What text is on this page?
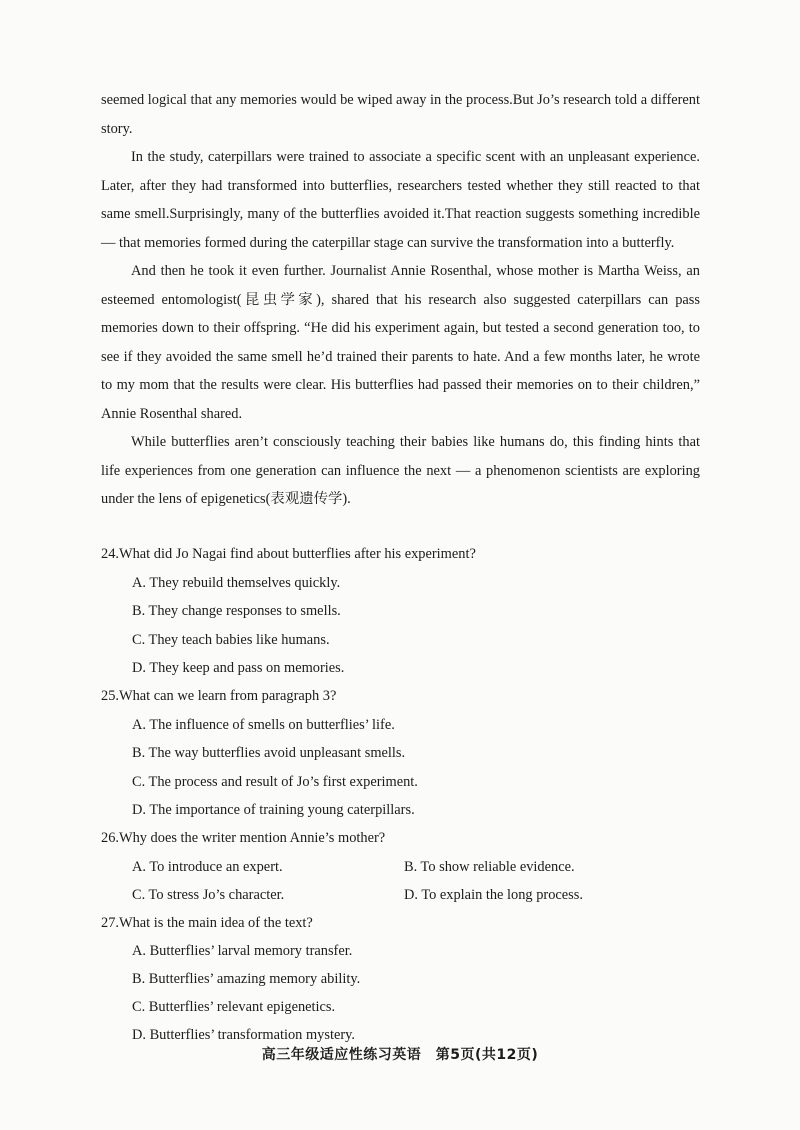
seemed logical that any memories would be wiped away in the process.But Jo’s research told a different story.

In the study, caterpillars were trained to associate a specific scent with an unpleasant experience. Later, after they had transformed into butterflies, researchers tested whether they still reacted to that same smell.Surprisingly, many of the butterflies avoided it.That reaction suggests something incredible — that memories formed during the caterpillar stage can survive the transformation into a butterfly.

And then he took it even further. Journalist Annie Rosenthal, whose mother is Martha Weiss, an esteemed entomologist(昆虫学家), shared that his research also suggested caterpillars can pass memories down to their offspring. “He did his experiment again, but tested a second generation too, to see if they avoided the same smell he’d trained their parents to hate. And a few months later, he wrote to my mom that the results were clear. His butterflies had passed their memories on to their children,” Annie Rosenthal shared.

While butterflies aren’t consciously teaching their babies like humans do, this finding hints that life experiences from one generation can influence the next — a phenomenon scientists are exploring under the lens of epigenetics(表观遗传学).

24.What did Jo Nagai find about butterflies after his experiment?
A. They rebuild themselves quickly.
B. They change responses to smells.
C. They teach babies like humans.
D. They keep and pass on memories.
25.What can we learn from paragraph 3?
A. The influence of smells on butterflies’ life.
B. The way butterflies avoid unpleasant smells.
C. The process and result of Jo’s first experiment.
D. The importance of training young caterpillars.
26.Why does the writer mention Annie’s mother?
A. To introduce an expert.	B. To show reliable evidence.
C. To stress Jo’s character.	D. To explain the long process.
27.What is the main idea of the text?
A. Butterflies’ larval memory transfer.
B. Butterflies’ amazing memory ability.
C. Butterflies’ relevant epigenetics.
D. Butterflies’ transformation mystery.
高三年级适应性练习英语　第5页(共12页)
